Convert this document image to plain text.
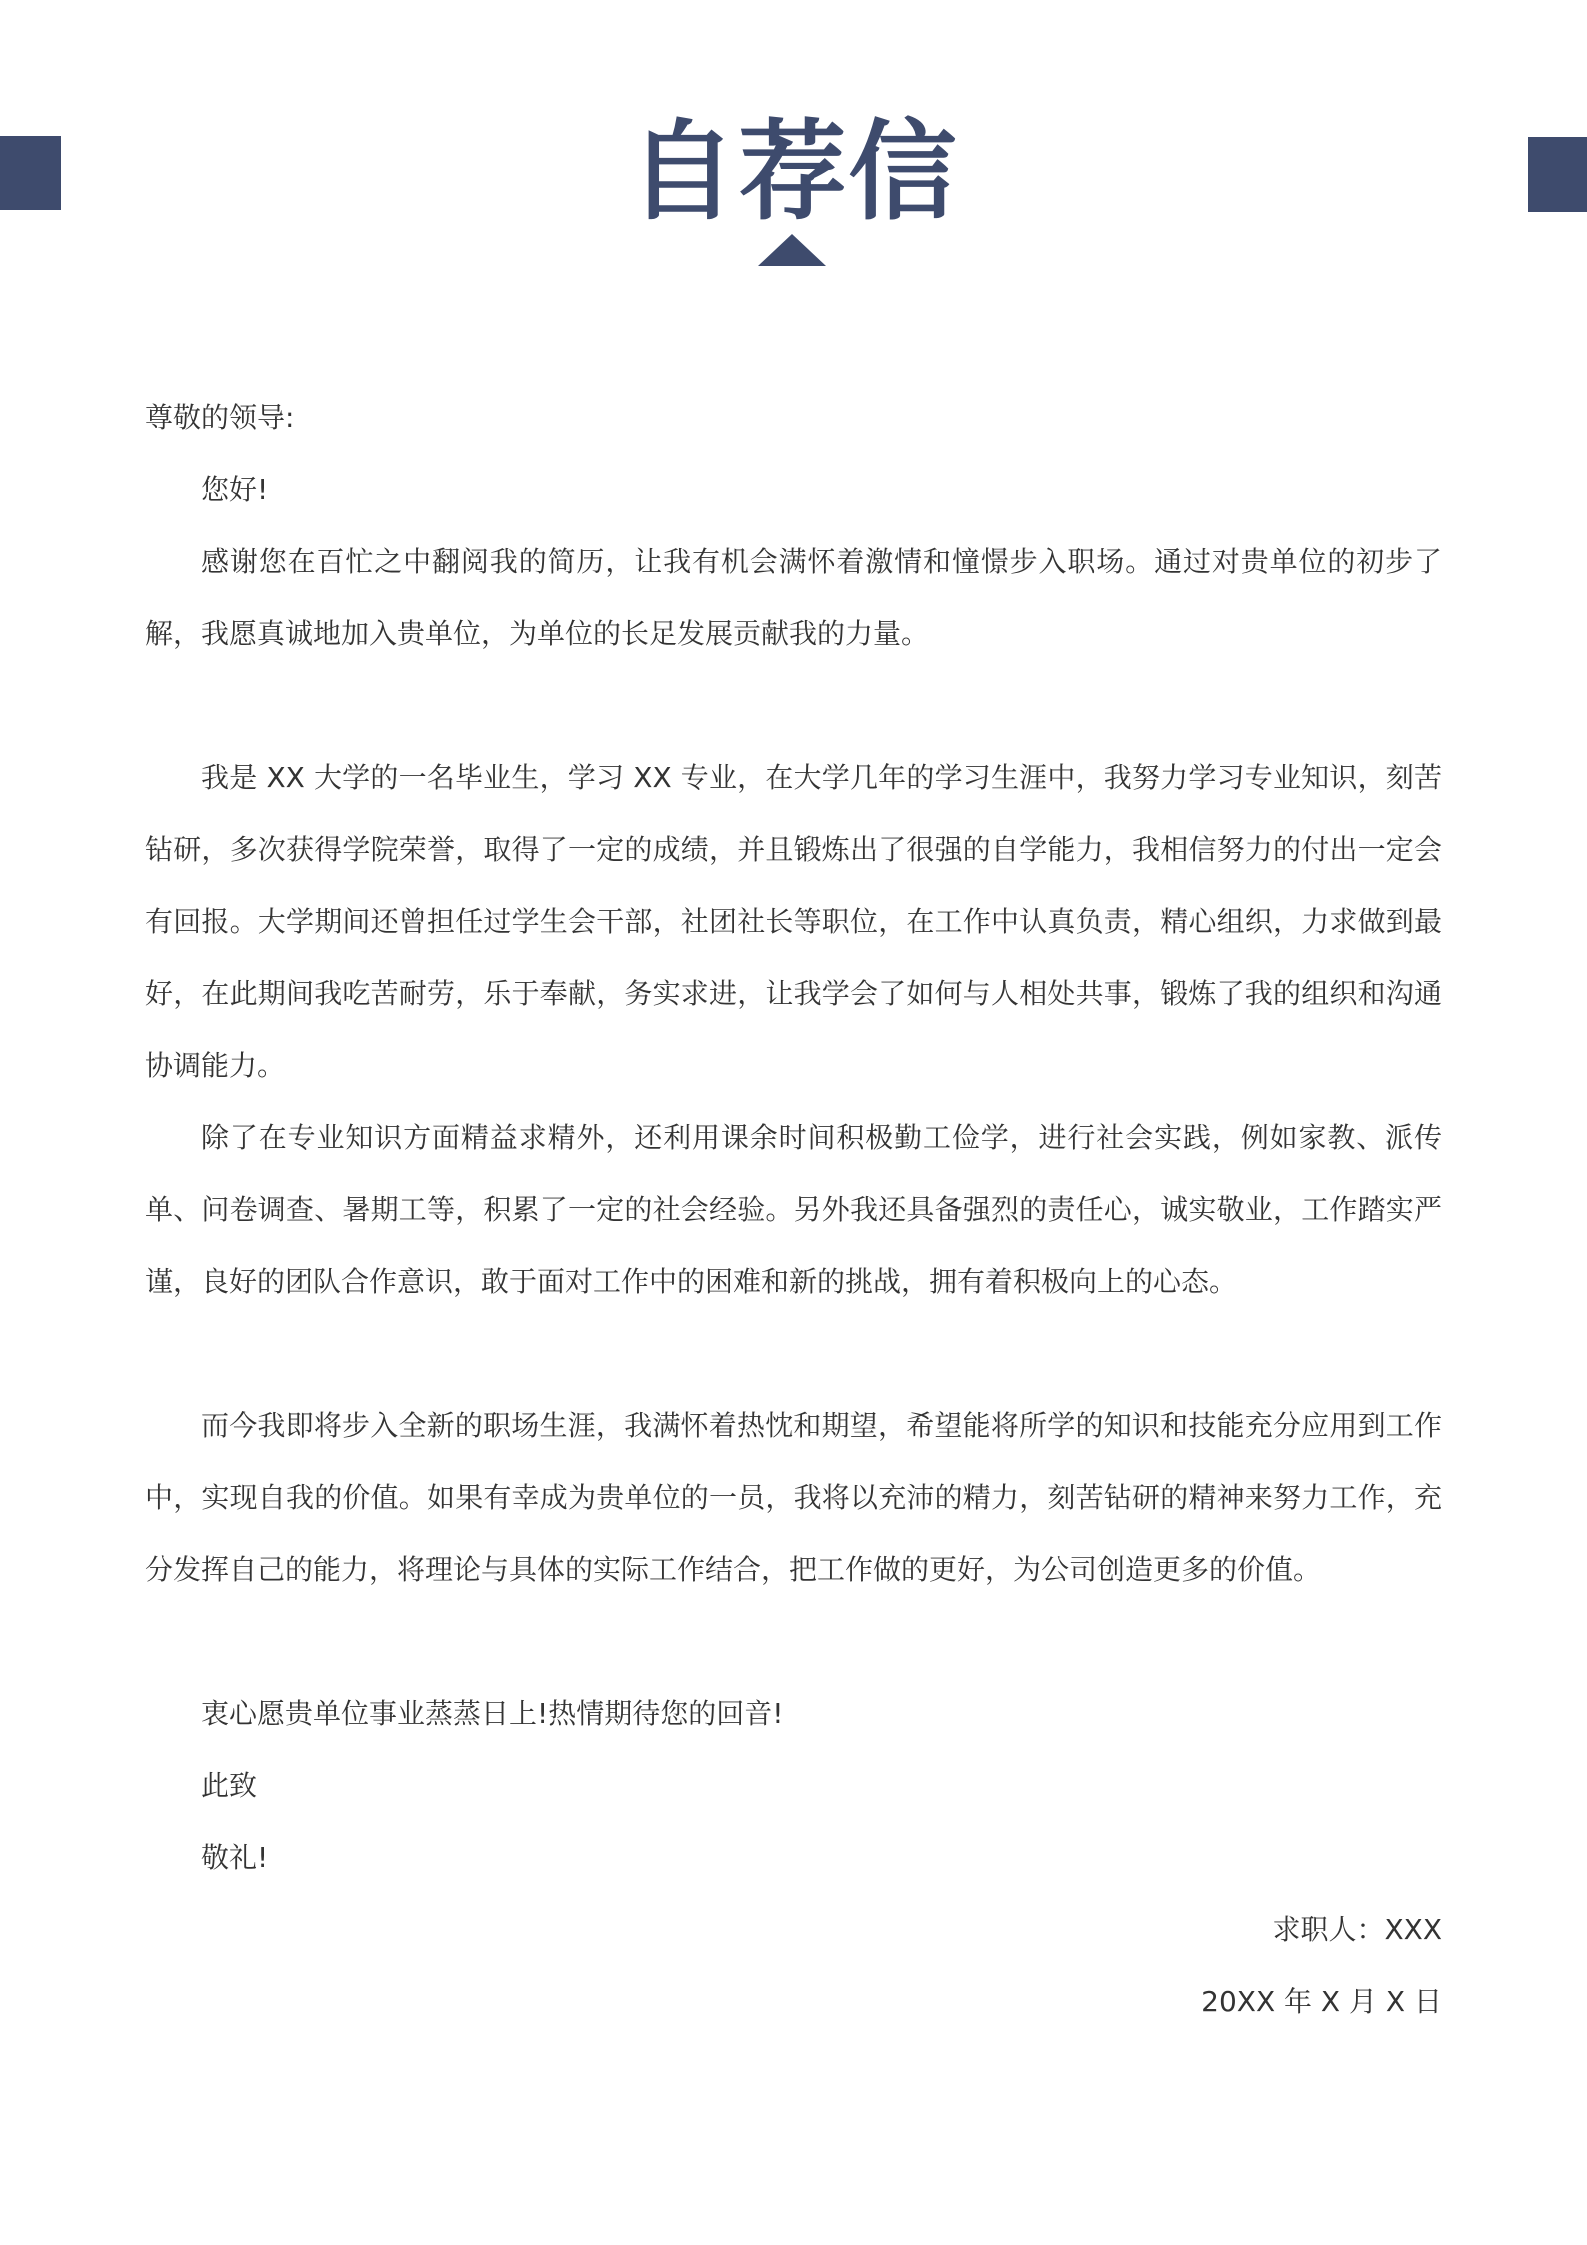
自荐信

尊敬的领导:

您好!

感谢您在百忙之中翻阅我的简历，让我有机会满怀着激情和憧憬步入职场。通过对贵单位的初步了解，我愿真诚地加入贵单位，为单位的长足发展贡献我的力量。

我是 XX 大学的一名毕业生，学习 XX 专业，在大学几年的学习生涯中，我努力学习专业知识，刻苦钻研，多次获得学院荣誉，取得了一定的成绩，并且锻炼出了很强的自学能力，我相信努力的付出一定会有回报。大学期间还曾担任过学生会干部，社团社长等职位，在工作中认真负责，精心组织，力求做到最好，在此期间我吃苦耐劳，乐于奉献，务实求进，让我学会了如何与人相处共事，锻炼了我的组织和沟通协调能力。

除了在专业知识方面精益求精外，还利用课余时间积极勤工俭学，进行社会实践，例如家教、派传单、问卷调查、暑期工等，积累了一定的社会经验。另外我还具备强烈的责任心，诚实敬业，工作踏实严谨，良好的团队合作意识，敢于面对工作中的困难和新的挑战，拥有着积极向上的心态。

而今我即将步入全新的职场生涯，我满怀着热忱和期望，希望能将所学的知识和技能充分应用到工作中，实现自我的价值。如果有幸成为贵单位的一员，我将以充沛的精力，刻苦钻研的精神来努力工作，充分发挥自己的能力，将理论与具体的实际工作结合，把工作做的更好，为公司创造更多的价值。

衷心愿贵单位事业蒸蒸日上!热情期待您的回音!

此致

敬礼!

求职人：XXX

20XX 年 X 月 X 日
